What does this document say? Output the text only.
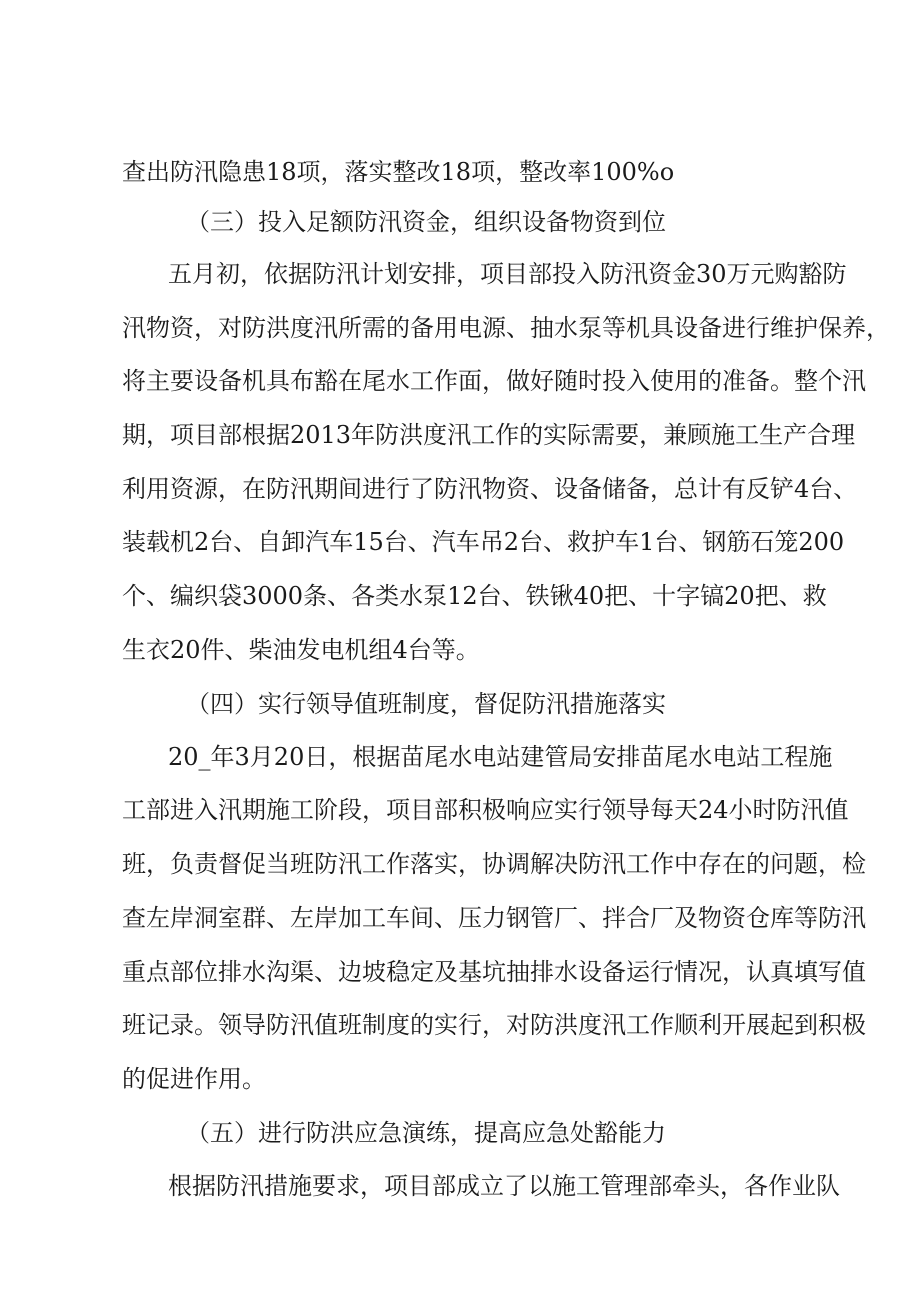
查出防汛隐患18项，落实整改18项，整改率100%o
（三）投入足额防汛资金，组织设备物资到位
五月初，依据防汛计划安排，项目部投入防汛资金30万元购豁防
汛物资，对防洪度汛所需的备用电源、抽水泵等机具设备进行维护保养，
将主要设备机具布豁在尾水工作面，做好随时投入使用的准备。整个汛
期，项目部根据2013年防洪度汛工作的实际需要，兼顾施工生产合理
利用资源，在防汛期间进行了防汛物资、设备储备，总计有反铲4台、
装载机2台、自卸汽车15台、汽车吊2台、救护车1台、钢筋石笼200
个、编织袋3000条、各类水泵12台、铁锹40把、十字镐20把、救
生衣20件、柴油发电机组4台等。
（四）实行领导值班制度，督促防汛措施落实
20_年3月20日，根据苗尾水电站建管局安排苗尾水电站工程施
工部进入汛期施工阶段，项目部积极响应实行领导每天24小时防汛值
班，负责督促当班防汛工作落实，协调解决防汛工作中存在的问题，检
查左岸洞室群、左岸加工车间、压力钢管厂、拌合厂及物资仓库等防汛
重点部位排水沟渠、边坡稳定及基坑抽排水设备运行情况，认真填写值
班记录。领导防汛值班制度的实行，对防洪度汛工作顺利开展起到积极
的促进作用。
（五）进行防洪应急演练，提高应急处豁能力
根据防汛措施要求，项目部成立了以施工管理部牵头，各作业队
